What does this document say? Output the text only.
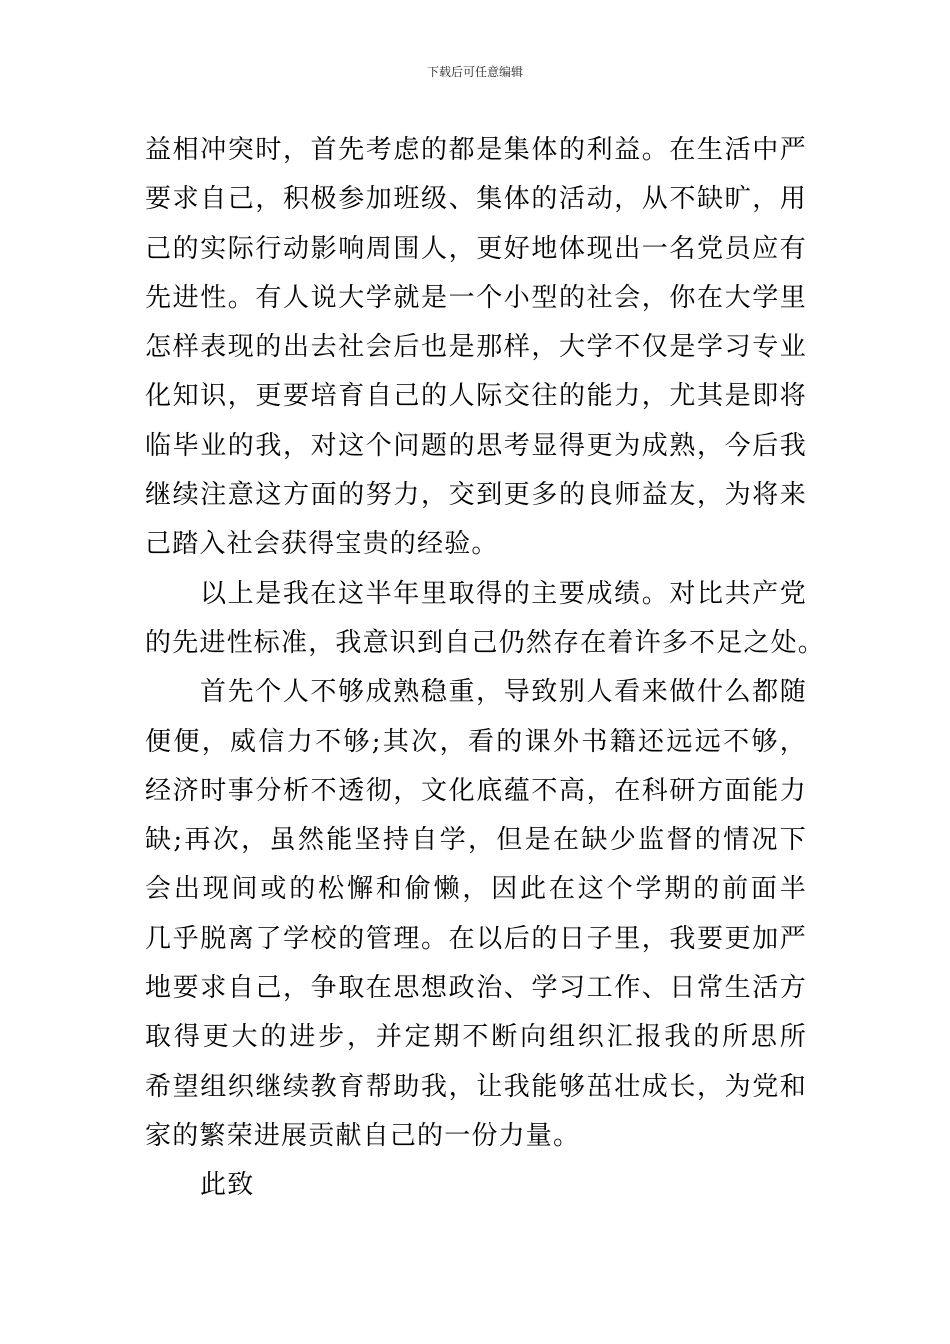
下载后可任意编辑
益相冲突时，首先考虑的都是集体的利益。在生活中严
要求自己，积极参加班级、集体的活动，从不缺旷，用
己的实际行动影响周围人，更好地体现出一名党员应有
先进性。有人说大学就是一个小型的社会，你在大学里
怎样表现的出去社会后也是那样，大学不仅是学习专业
化知识，更要培育自己的人际交往的能力，尤其是即将
临毕业的我，对这个问题的思考显得更为成熟，今后我
继续注意这方面的努力，交到更多的良师益友，为将来
己踏入社会获得宝贵的经验。
以上是我在这半年里取得的主要成绩。对比共产党
的先进性标准，我意识到自己仍然存在着许多不足之处。
首先个人不够成熟稳重，导致别人看来做什么都随
便便，威信力不够;其次，看的课外书籍还远远不够，
经济时事分析不透彻，文化底蕴不高，在科研方面能力
缺;再次，虽然能坚持自学，但是在缺少监督的情况下
会出现间或的松懈和偷懒，因此在这个学期的前面半
几乎脱离了学校的管理。在以后的日子里，我要更加严
地要求自己，争取在思想政治、学习工作、日常生活方
取得更大的进步，并定期不断向组织汇报我的所思所
希望组织继续教育帮助我，让我能够茁壮成长，为党和
家的繁荣进展贡献自己的一份力量。
此致
